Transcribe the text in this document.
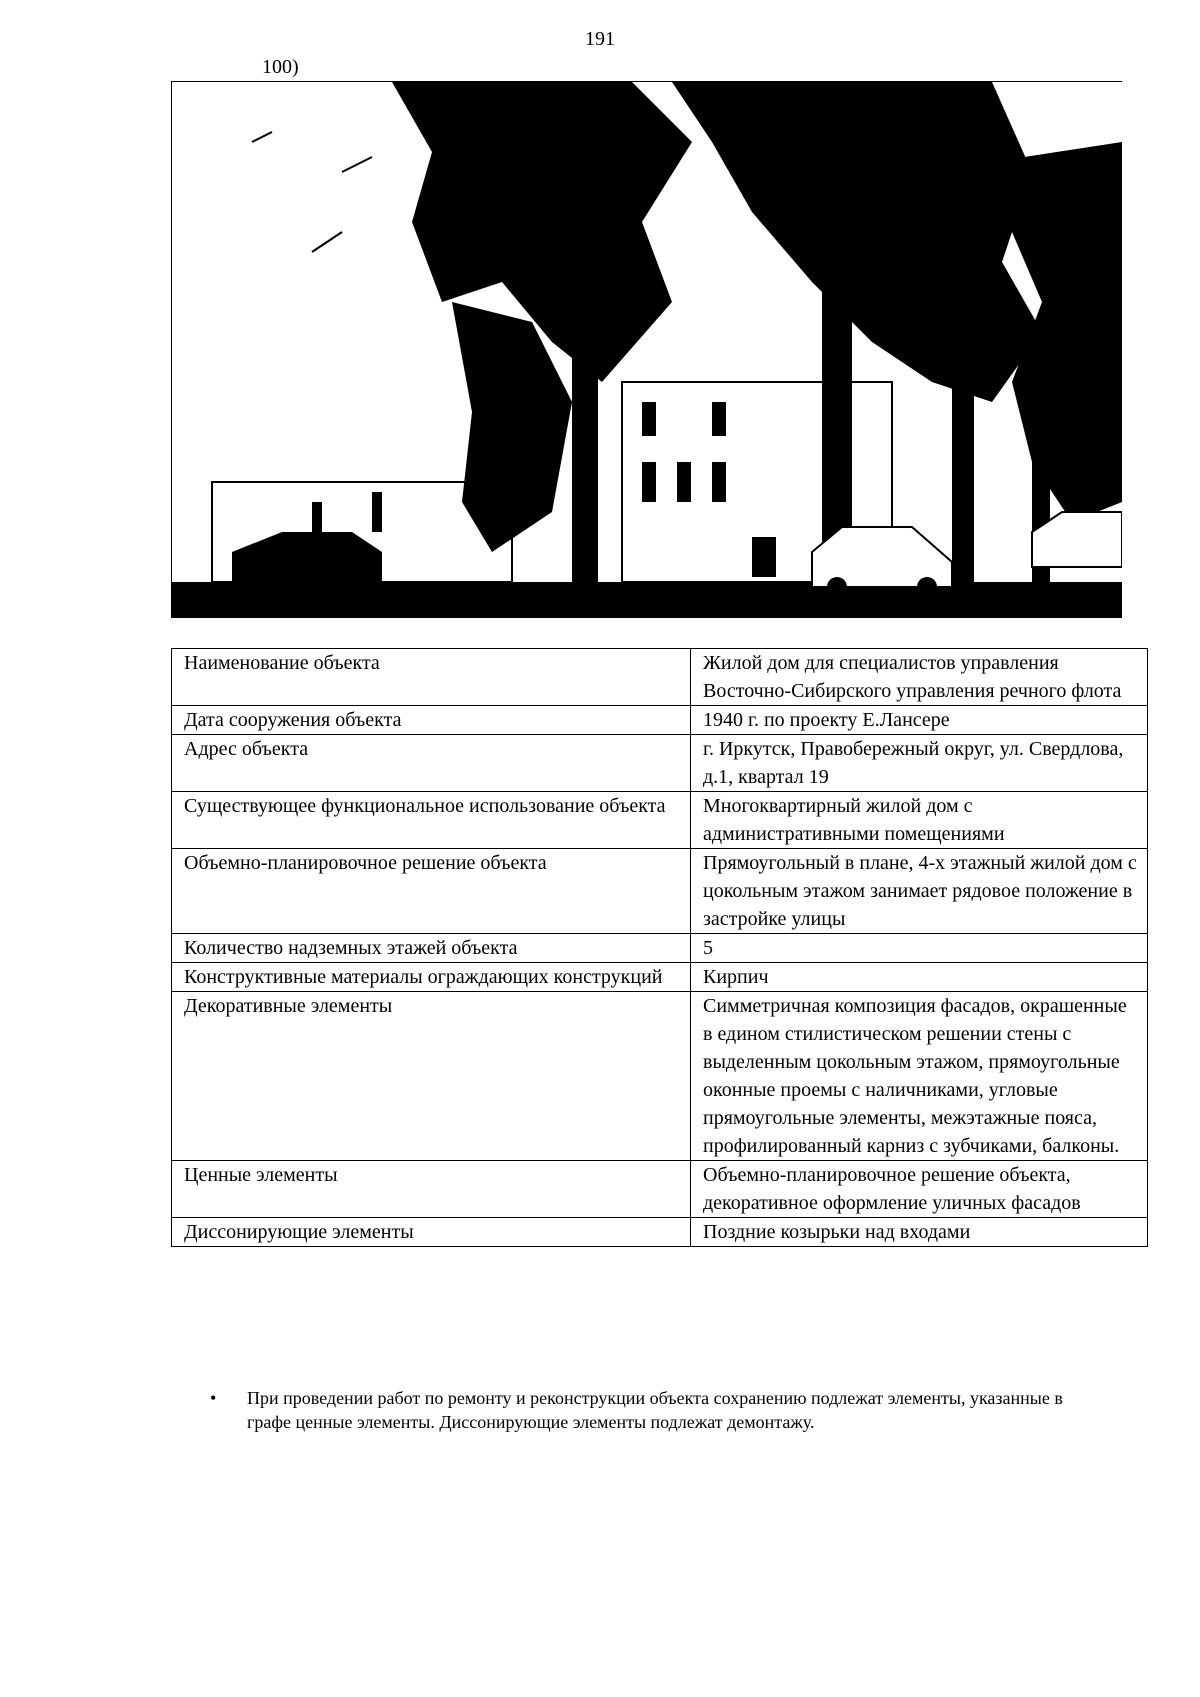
191
100)
Наименование объекта	Жилой дом для специалистов управления Восточно-Сибирского управления речного флота
Дата сооружения объекта	1940 г. по проекту Е.Лансере
Адрес объекта	г. Иркутск, Правобережный округ, ул. Свердлова, д.1, квартал 19
Существующее функциональное использование объекта	Многоквартирный жилой дом с административными помещениями
Объемно-планировочное решение объекта	Прямоугольный в плане, 4-х этажный жилой дом с цокольным этажом занимает рядовое положение в застройке улицы
Количество надземных этажей объекта	5
Конструктивные материалы ограждающих конструкций	Кирпич
Декоративные элементы	Симметричная композиция фасадов, окрашенные в едином стилистическом решении стены с выделенным цокольным этажом, прямоугольные оконные проемы с наличниками, угловые прямоугольные элементы, межэтажные пояса, профилированный карниз с зубчиками, балконы.
Ценные элементы	Объемно-планировочное решение объекта, декоративное оформление уличных фасадов
Диссонирующие элементы	Поздние козырьки над входами
• При проведении работ по ремонту и реконструкции объекта сохранению подлежат элементы, указанные в графе ценные элементы. Диссонирующие элементы подлежат демонтажу.
